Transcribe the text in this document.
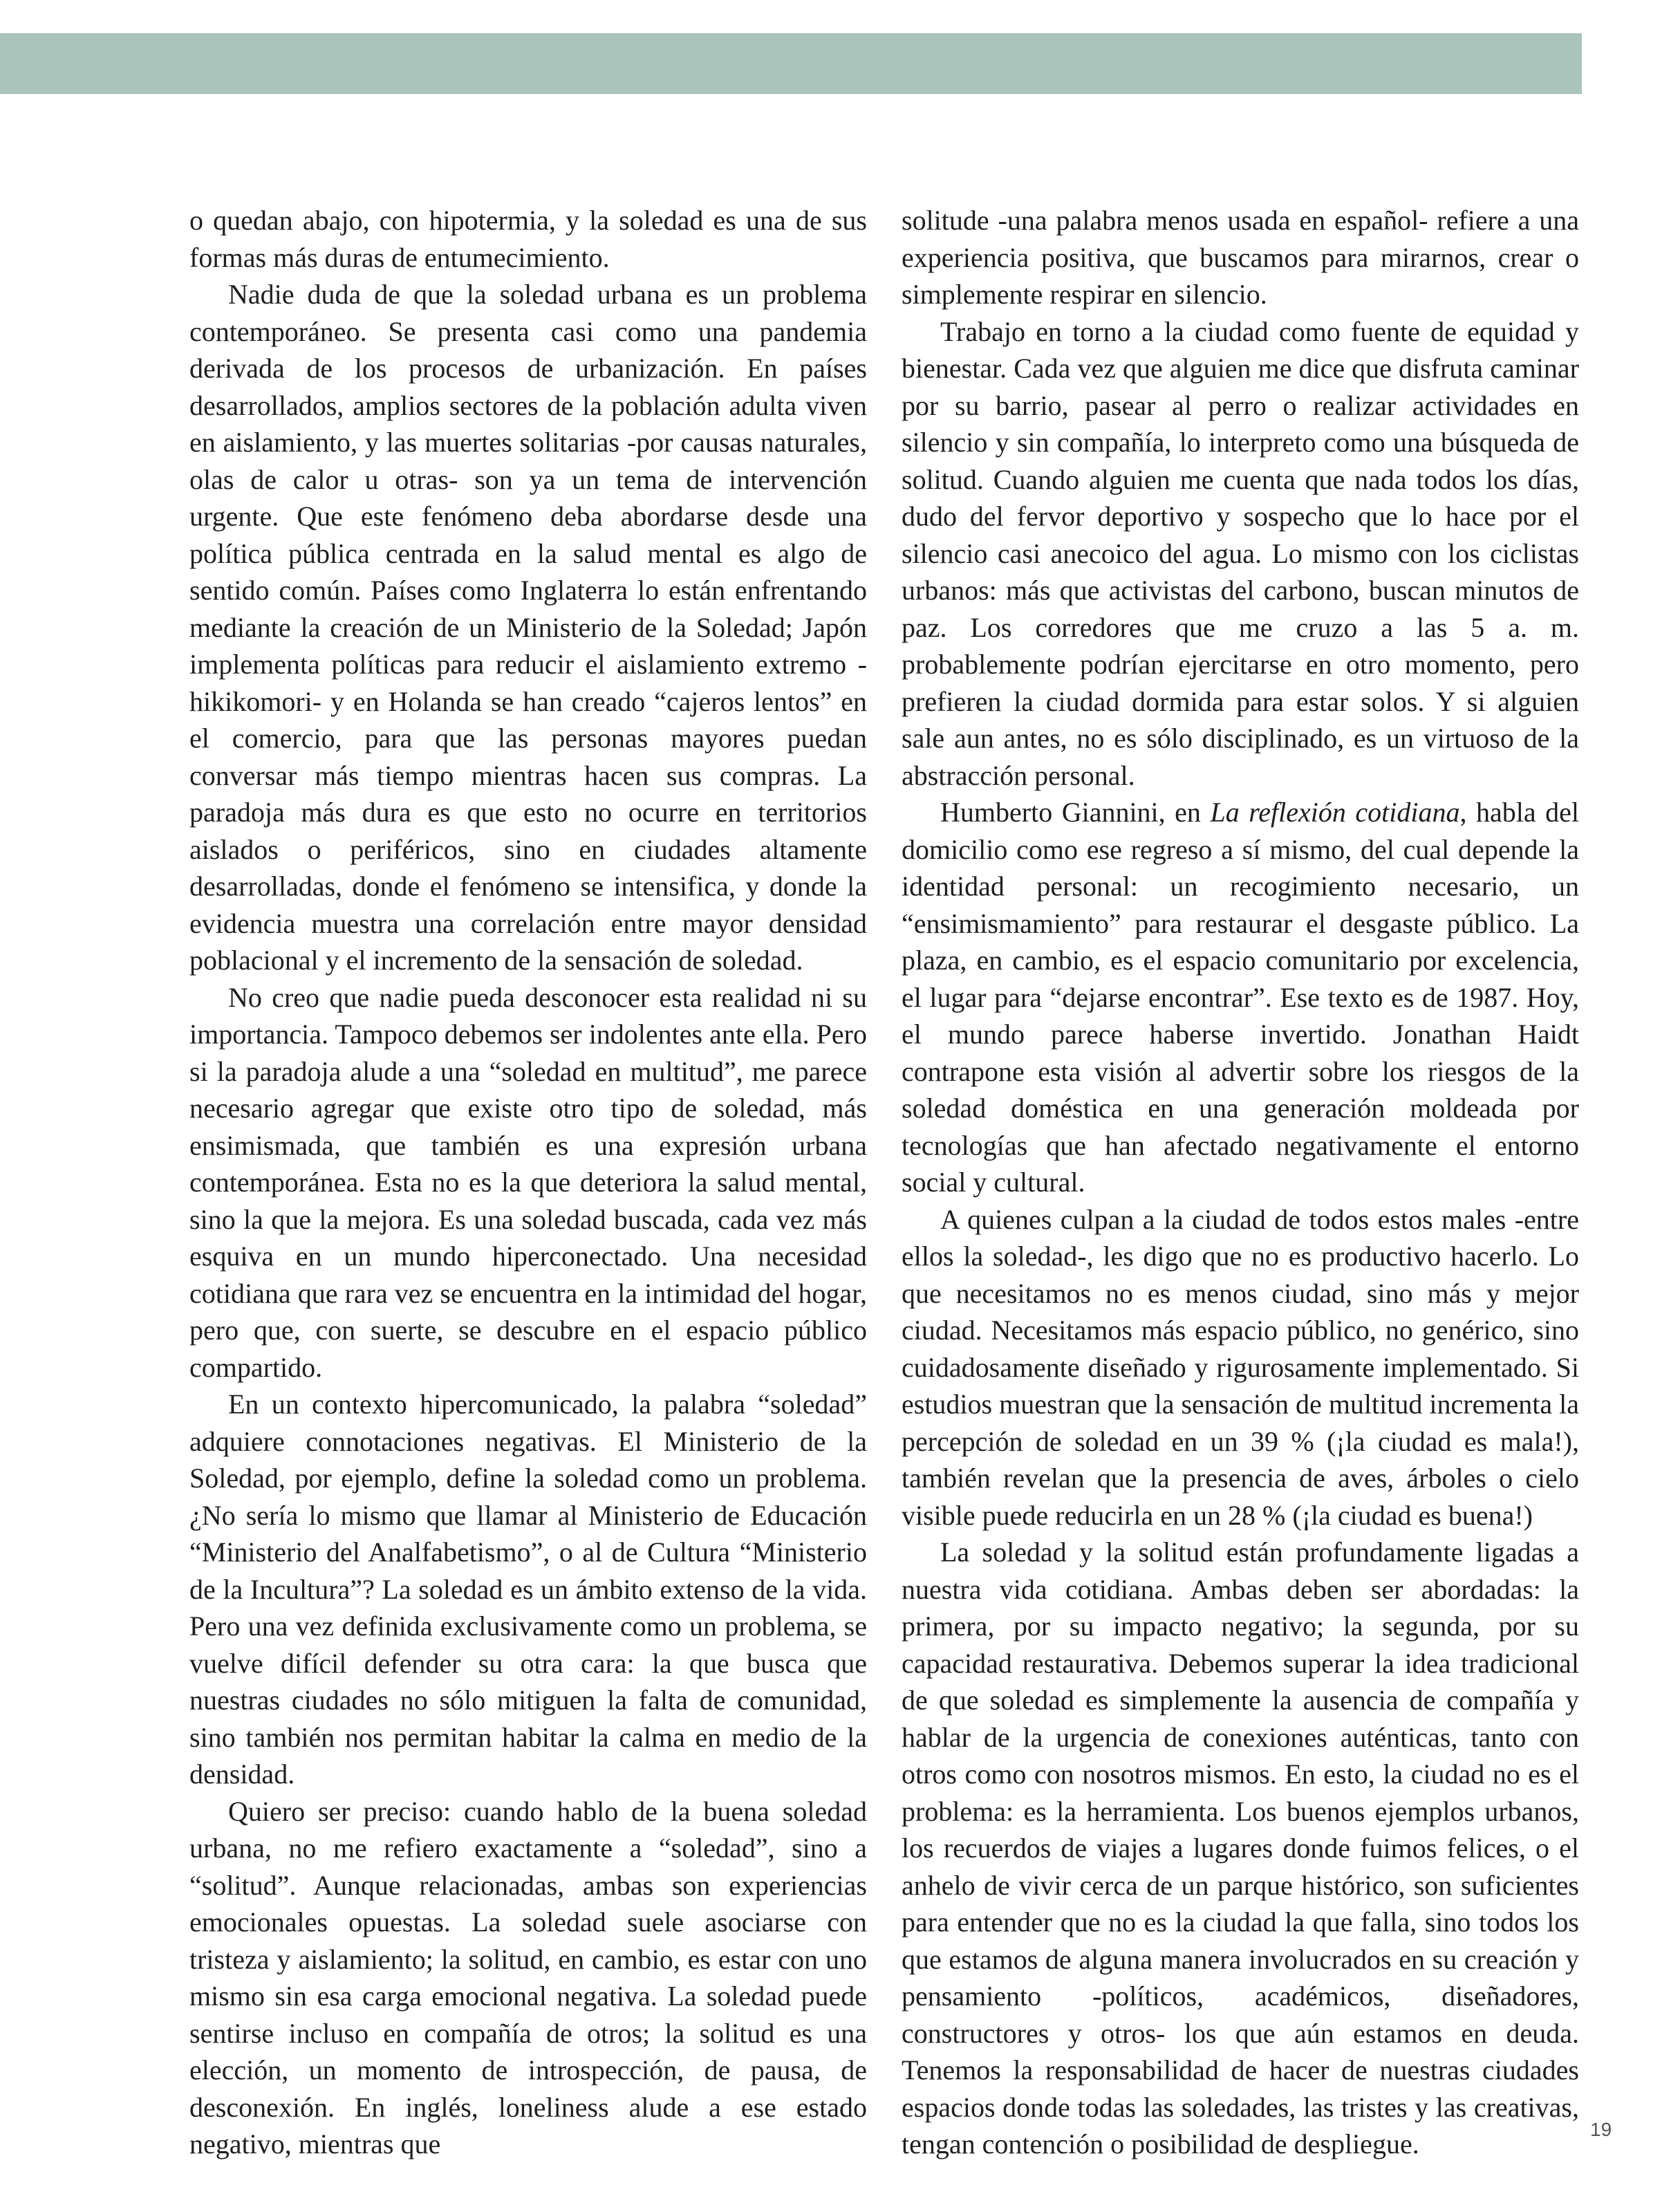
o quedan abajo, con hipotermia, y la soledad es una de sus formas más duras de entumecimiento.

Nadie duda de que la soledad urbana es un problema contemporáneo. Se presenta casi como una pandemia derivada de los procesos de urbanización. En países desarrollados, amplios sectores de la población adulta viven en aislamiento, y las muertes solitarias -por causas naturales, olas de calor u otras- son ya un tema de intervención urgente. Que este fenómeno deba abordarse desde una política pública centrada en la salud mental es algo de sentido común. Países como Inglaterra lo están enfrentando mediante la creación de un Ministerio de la Soledad; Japón implementa políticas para reducir el aislamiento extremo -hikikomori- y en Holanda se han creado “cajeros lentos” en el comercio, para que las personas mayores puedan conversar más tiempo mientras hacen sus compras. La paradoja más dura es que esto no ocurre en territorios aislados o periféricos, sino en ciudades altamente desarrolladas, donde el fenómeno se intensifica, y donde la evidencia muestra una correlación entre mayor densidad poblacional y el incremento de la sensación de soledad.

No creo que nadie pueda desconocer esta realidad ni su importancia. Tampoco debemos ser indolentes ante ella. Pero si la paradoja alude a una “soledad en multitud”, me parece necesario agregar que existe otro tipo de soledad, más ensimismada, que también es una expresión urbana contemporánea. Esta no es la que deteriora la salud mental, sino la que la mejora. Es una soledad buscada, cada vez más esquiva en un mundo hiperconectado. Una necesidad cotidiana que rara vez se encuentra en la intimidad del hogar, pero que, con suerte, se descubre en el espacio público compartido.

En un contexto hipercomunicado, la palabra “soledad” adquiere connotaciones negativas. El Ministerio de la Soledad, por ejemplo, define la soledad como un problema. ¿No sería lo mismo que llamar al Ministerio de Educación “Ministerio del Analfabetismo”, o al de Cultura “Ministerio de la Incultura”? La soledad es un ámbito extenso de la vida. Pero una vez definida exclusivamente como un problema, se vuelve difícil defender su otra cara: la que busca que nuestras ciudades no sólo mitiguen la falta de comunidad, sino también nos permitan habitar la calma en medio de la densidad.

Quiero ser preciso: cuando hablo de la buena soledad urbana, no me refiero exactamente a “soledad”, sino a “solitud”. Aunque relacionadas, ambas son experiencias emocionales opuestas. La soledad suele asociarse con tristeza y aislamiento; la solitud, en cambio, es estar con uno mismo sin esa carga emocional negativa. La soledad puede sentirse incluso en compañía de otros; la solitud es una elección, un momento de introspección, de pausa, de desconexión. En inglés, loneliness alude a ese estado negativo, mientras que

solitude -una palabra menos usada en español- refiere a una experiencia positiva, que buscamos para mirarnos, crear o simplemente respirar en silencio.

Trabajo en torno a la ciudad como fuente de equidad y bienestar. Cada vez que alguien me dice que disfruta caminar por su barrio, pasear al perro o realizar actividades en silencio y sin compañía, lo interpreto como una búsqueda de solitud. Cuando alguien me cuenta que nada todos los días, dudo del fervor deportivo y sospecho que lo hace por el silencio casi anecoico del agua. Lo mismo con los ciclistas urbanos: más que activistas del carbono, buscan minutos de paz. Los corredores que me cruzo a las 5 a. m. probablemente podrían ejercitarse en otro momento, pero prefieren la ciudad dormida para estar solos. Y si alguien sale aun antes, no es sólo disciplinado, es un virtuoso de la abstracción personal.

Humberto Giannini, en La reflexión cotidiana, habla del domicilio como ese regreso a sí mismo, del cual depende la identidad personal: un recogimiento necesario, un “ensimismamiento” para restaurar el desgaste público. La plaza, en cambio, es el espacio comunitario por excelencia, el lugar para “dejarse encontrar”. Ese texto es de 1987. Hoy, el mundo parece haberse invertido. Jonathan Haidt contrapone esta visión al advertir sobre los riesgos de la soledad doméstica en una generación moldeada por tecnologías que han afectado negativamente el entorno social y cultural.

A quienes culpan a la ciudad de todos estos males -entre ellos la soledad-, les digo que no es productivo hacerlo. Lo que necesitamos no es menos ciudad, sino más y mejor ciudad. Necesitamos más espacio público, no genérico, sino cuidadosamente diseñado y rigurosamente implementado. Si estudios muestran que la sensación de multitud incrementa la percepción de soledad en un 39 % (¡la ciudad es mala!), también revelan que la presencia de aves, árboles o cielo visible puede reducirla en un 28 % (¡la ciudad es buena!)

La soledad y la solitud están profundamente ligadas a nuestra vida cotidiana. Ambas deben ser abordadas: la primera, por su impacto negativo; la segunda, por su capacidad restaurativa. Debemos superar la idea tradicional de que soledad es simplemente la ausencia de compañía y hablar de la urgencia de conexiones auténticas, tanto con otros como con nosotros mismos. En esto, la ciudad no es el problema: es la herramienta. Los buenos ejemplos urbanos, los recuerdos de viajes a lugares donde fuimos felices, o el anhelo de vivir cerca de un parque histórico, son suficientes para entender que no es la ciudad la que falla, sino todos los que estamos de alguna manera involucrados en su creación y pensamiento -políticos, académicos, diseñadores, constructores y otros- los que aún estamos en deuda. Tenemos la responsabilidad de hacer de nuestras ciudades espacios donde todas las soledades, las tristes y las creativas, tengan contención o posibilidad de despliegue.	19
